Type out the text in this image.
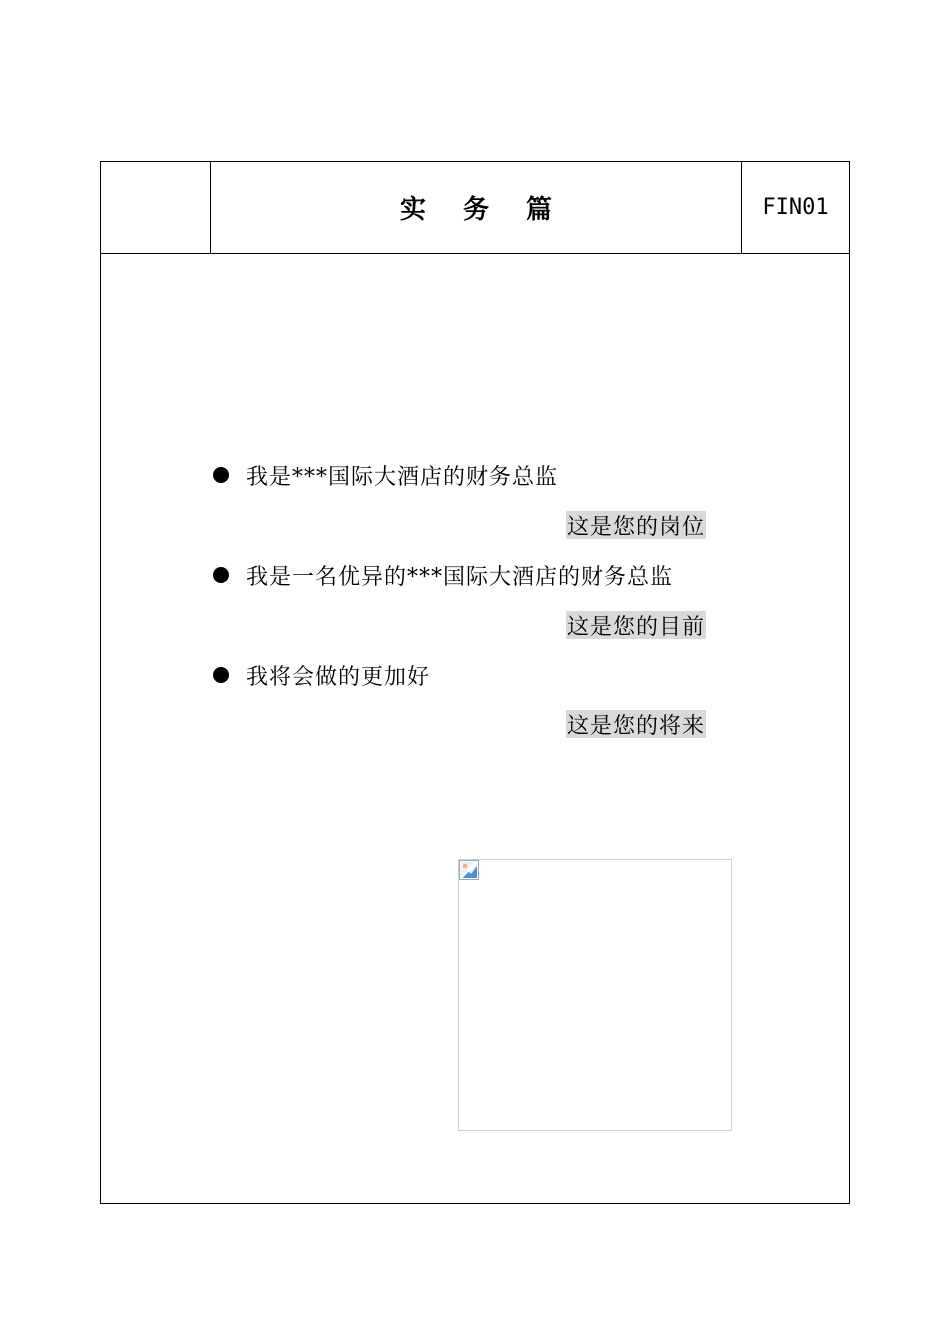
实 务 篇	FIN01
我是***国际大酒店的财务总监
这是您的岗位
我是一名优异的***国际大酒店的财务总监
这是您的目前
我将会做的更加好
这是您的将来
